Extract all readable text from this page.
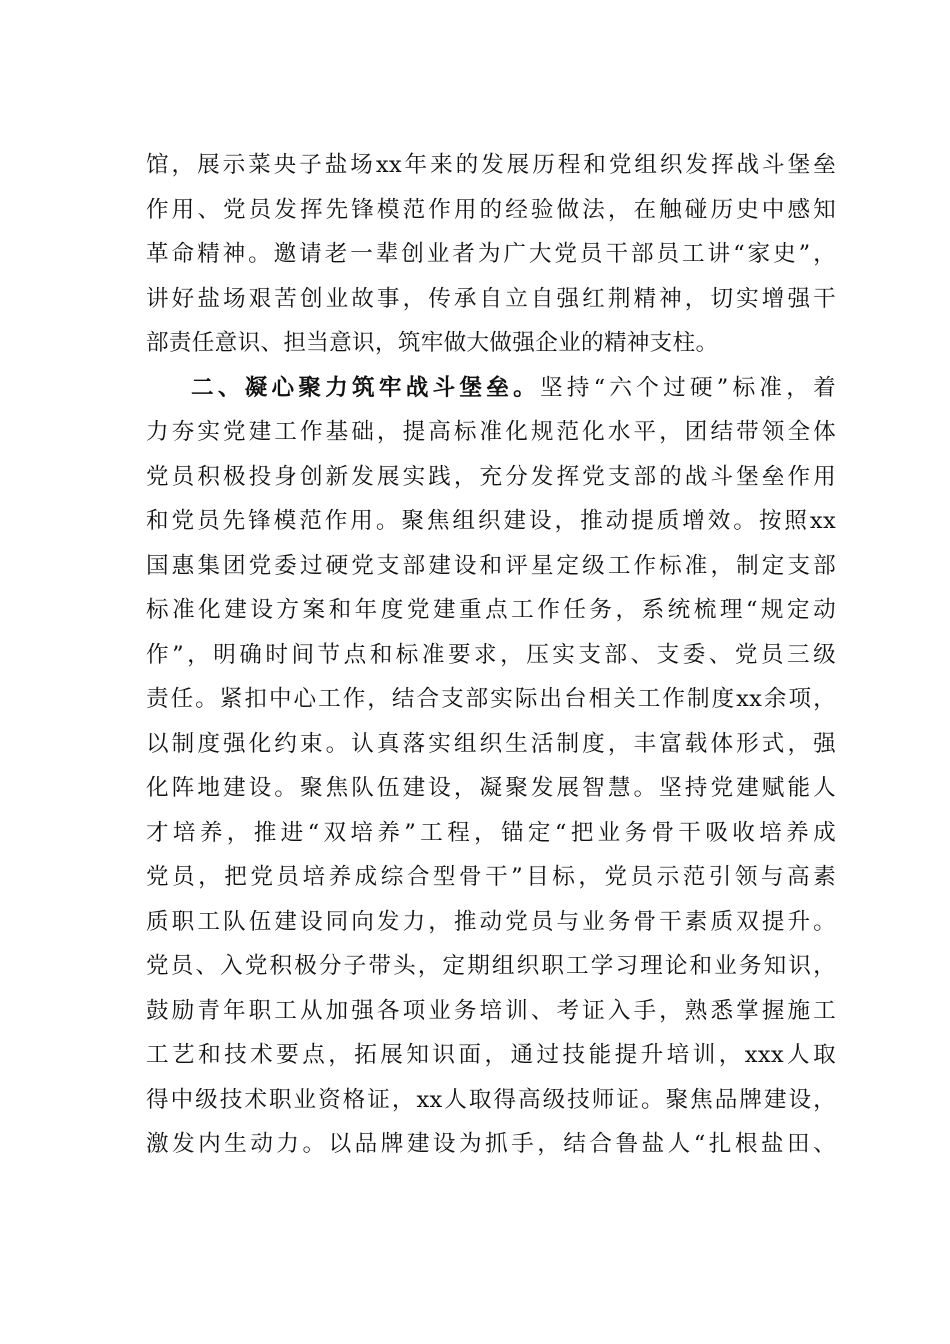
馆，展示菜央子盐场xx年来的发展历程和党组织发挥战斗堡垒
作用、党员发挥先锋模范作用的经验做法，在触碰历史中感知
革命精神。邀请老一辈创业者为广大党员干部员工讲“家史”，
讲好盐场艰苦创业故事，传承自立自强红荆精神，切实增强干
部责任意识、担当意识，筑牢做大做强企业的精神支柱。
二、凝心聚力筑牢战斗堡垒。坚持“六个过硬”标准，着
力夯实党建工作基础，提高标准化规范化水平，团结带领全体
党员积极投身创新发展实践，充分发挥党支部的战斗堡垒作用
和党员先锋模范作用。聚焦组织建设，推动提质增效。按照xx
国惠集团党委过硬党支部建设和评星定级工作标准，制定支部
标准化建设方案和年度党建重点工作任务，系统梳理“规定动
作”，明确时间节点和标准要求，压实支部、支委、党员三级
责任。紧扣中心工作，结合支部实际出台相关工作制度xx余项，
以制度强化约束。认真落实组织生活制度，丰富载体形式，强
化阵地建设。聚焦队伍建设，凝聚发展智慧。坚持党建赋能人
才培养，推进“双培养”工程，锚定“把业务骨干吸收培养成
党员，把党员培养成综合型骨干”目标，党员示范引领与高素
质职工队伍建设同向发力，推动党员与业务骨干素质双提升。
党员、入党积极分子带头，定期组织职工学习理论和业务知识，
鼓励青年职工从加强各项业务培训、考证入手，熟悉掌握施工
工艺和技术要点，拓展知识面，通过技能提升培训，xxx人取
得中级技术职业资格证，xx人取得高级技师证。聚焦品牌建设，
激发内生动力。以品牌建设为抓手，结合鲁盐人“扎根盐田、
